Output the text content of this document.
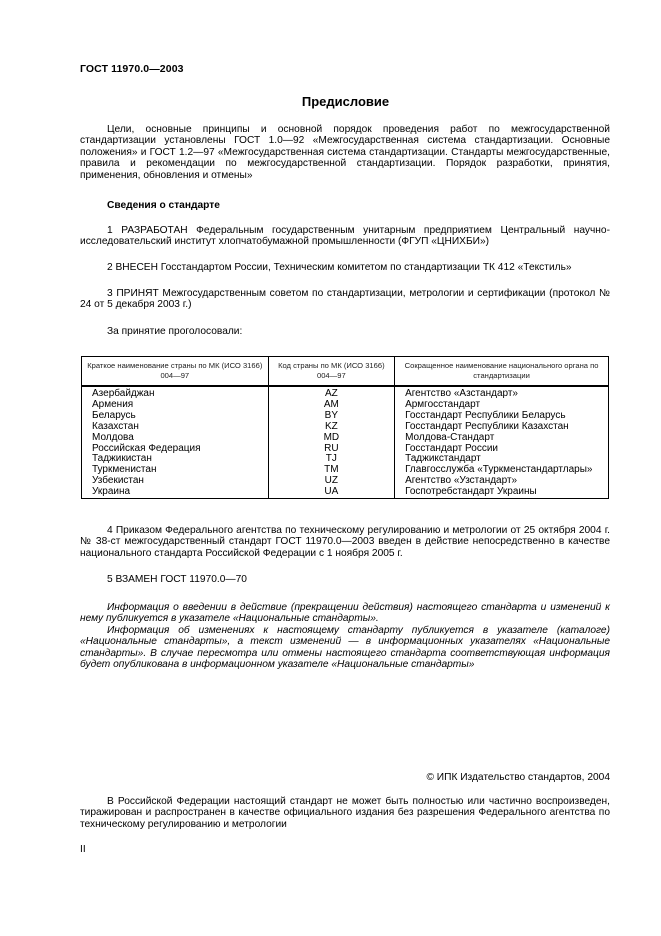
ГОСТ 11970.0—2003
Предисловие
Цели, основные принципы и основной порядок проведения работ по межгосударственной стандартизации установлены ГОСТ 1.0—92 «Межгосударственная система стандартизации. Основные положения» и ГОСТ 1.2—97 «Межгосударственная система стандартизации. Стандарты межгосударственные, правила и рекомендации по межгосударственной стандартизации. Порядок разработки, принятия, применения, обновления и отмены»
Сведения о стандарте
1 РАЗРАБОТАН Федеральным государственным унитарным предприятием Центральный научно-исследовательский институт хлопчатобумажной промышленности (ФГУП «ЦНИХБИ»)
2 ВНЕСЕН Госстандартом России, Техническим комитетом по стандартизации ТК 412 «Текстиль»
3 ПРИНЯТ Межгосударственным советом по стандартизации, метрологии и сертификации (протокол № 24 от 5 декабря 2003 г.)
За принятие проголосовали:
Краткое наименование страны по МК (ИСО 3166) 004—97	Код страны по МК (ИСО 3166) 004—97	Сокращенное наименование национального органа по стандартизации
Азербайджан	AZ	Агентство «Азстандарт»
Армения	AM	Армгосстандарт
Беларусь	BY	Госстандарт Республики Беларусь
Казахстан	KZ	Госстандарт Республики Казахстан
Молдова	MD	Молдова-Стандарт
Российская Федерация	RU	Госстандарт России
Таджикистан	TJ	Таджикстандарт
Туркменистан	TM	Главгосслужба «Туркменстандартлары»
Узбекистан	UZ	Агентство «Узстандарт»
Украина	UA	Госпотребстандарт Украины
4 Приказом Федерального агентства по техническому регулированию и метрологии от 25 октября 2004 г. № 38-ст межгосударственный стандарт ГОСТ 11970.0—2003 введен в действие непосредственно в качестве национального стандарта Российской Федерации с 1 ноября 2005 г.
5 ВЗАМЕН ГОСТ 11970.0—70
Информация о введении в действие (прекращении действия) настоящего стандарта и изменений к нему публикуется в указателе «Национальные стандарты».
Информация об изменениях к настоящему стандарту публикуется в указателе (каталоге) «Национальные стандарты», а текст изменений — в информационных указателях «Национальные стандарты». В случае пересмотра или отмены настоящего стандарта соответствующая информация будет опубликована в информационном указателе «Национальные стандарты»
© ИПК Издательство стандартов, 2004
В Российской Федерации настоящий стандарт не может быть полностью или частично воспроизведен, тиражирован и распространен в качестве официального издания без разрешения Федерального агентства по техническому регулированию и метрологии
II
